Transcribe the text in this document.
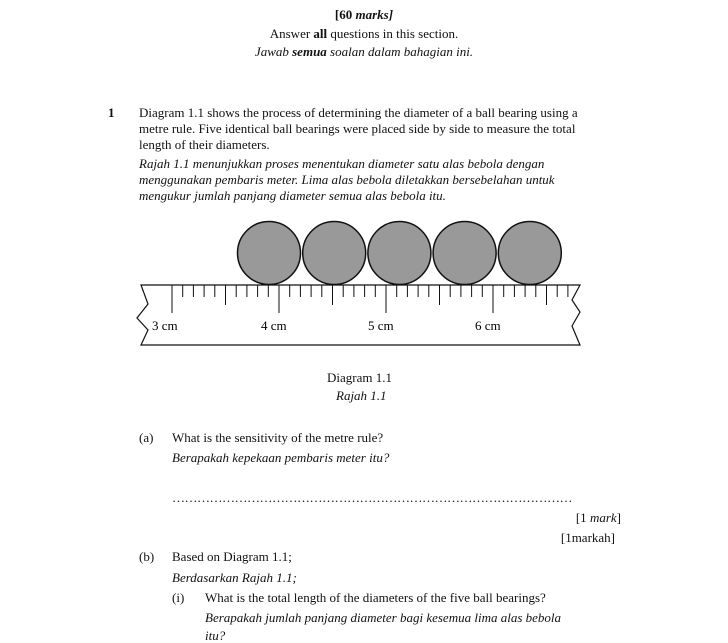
[60 marks]
Answer all questions in this section.
Jawab semua soalan dalam bahagian ini.
1 Diagram 1.1 shows the process of determining the diameter of a ball bearing using a
metre rule. Five identical ball bearings were placed side by side to measure the total
length of their diameters.
Rajah 1.1 menunjukkan proses menentukan diameter satu alas bebola dengan
menggunakan pembaris meter. Lima alas bebola diletakkan bersebelahan untuk
mengukur jumlah panjang diameter semua alas bebola itu.
3 cm	4 cm	5 cm	6 cm
Diagram 1.1
Rajah 1.1
(a) What is the sensitivity of the metre rule?
Berapakah kepekaan pembaris meter itu?
……………………………………………………………………………………
[1 mark]
[1markah]
(b) Based on Diagram 1.1;
Berdasarkan Rajah 1.1;
(i) What is the total length of the diameters of the five ball bearings?
Berapakah jumlah panjang diameter bagi kesemua lima alas bebola
itu?
